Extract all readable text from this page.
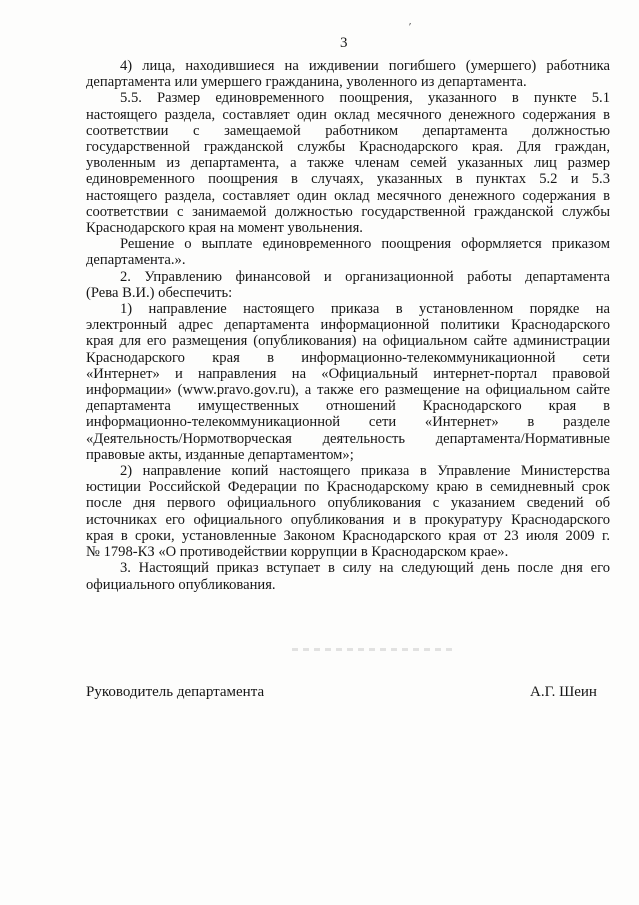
'
3
4) лица, находившиеся на иждивении погибшего (умершего) работника
департамента или умершего гражданина, уволенного из департамента.
5.5. Размер единовременного поощрения, указанного в пункте 5.1
настоящего раздела, составляет один оклад месячного денежного содержания в
соответствии с замещаемой работником департамента должностью
государственной гражданской службы Краснодарского края. Для граждан,
уволенным из департамента, а также членам семей указанных лиц размер
единовременного поощрения в случаях, указанных в пунктах 5.2 и 5.3
настоящего раздела, составляет один оклад месячного денежного содержания в
соответствии с занимаемой должностью государственной гражданской службы
Краснодарского края на момент увольнения.
Решение о выплате единовременного поощрения оформляется приказом
департамента.».
2. Управлению финансовой и организационной работы департамента
(Рева В.И.) обеспечить:
1) направление настоящего приказа в установленном порядке на
электронный адрес департамента информационной политики Краснодарского
края для его размещения (опубликования) на официальном сайте администрации
Краснодарского края в информационно-телекоммуникационной сети
«Интернет» и направления на «Официальный интернет-портал правовой
информации» (www.pravo.gov.ru), а также его размещение на официальном сайте
департамента имущественных отношений Краснодарского края в
информационно-телекоммуникационной сети «Интернет» в разделе
«Деятельность/Нормотворческая деятельность департамента/Нормативные
правовые акты, изданные департаментом»;
2) направление копий настоящего приказа в Управление Министерства
юстиции Российской Федерации по Краснодарскому краю в семидневный срок
после дня первого официального опубликования с указанием сведений об
источниках его официального опубликования и в прокуратуру Краснодарского
края в сроки, установленные Законом Краснодарского края от 23 июля 2009 г.
№ 1798-КЗ «О противодействии коррупции в Краснодарском крае».
3. Настоящий приказ вступает в силу на следующий день после дня его
официального опубликования.
Руководитель департамента	А.Г. Шеин
